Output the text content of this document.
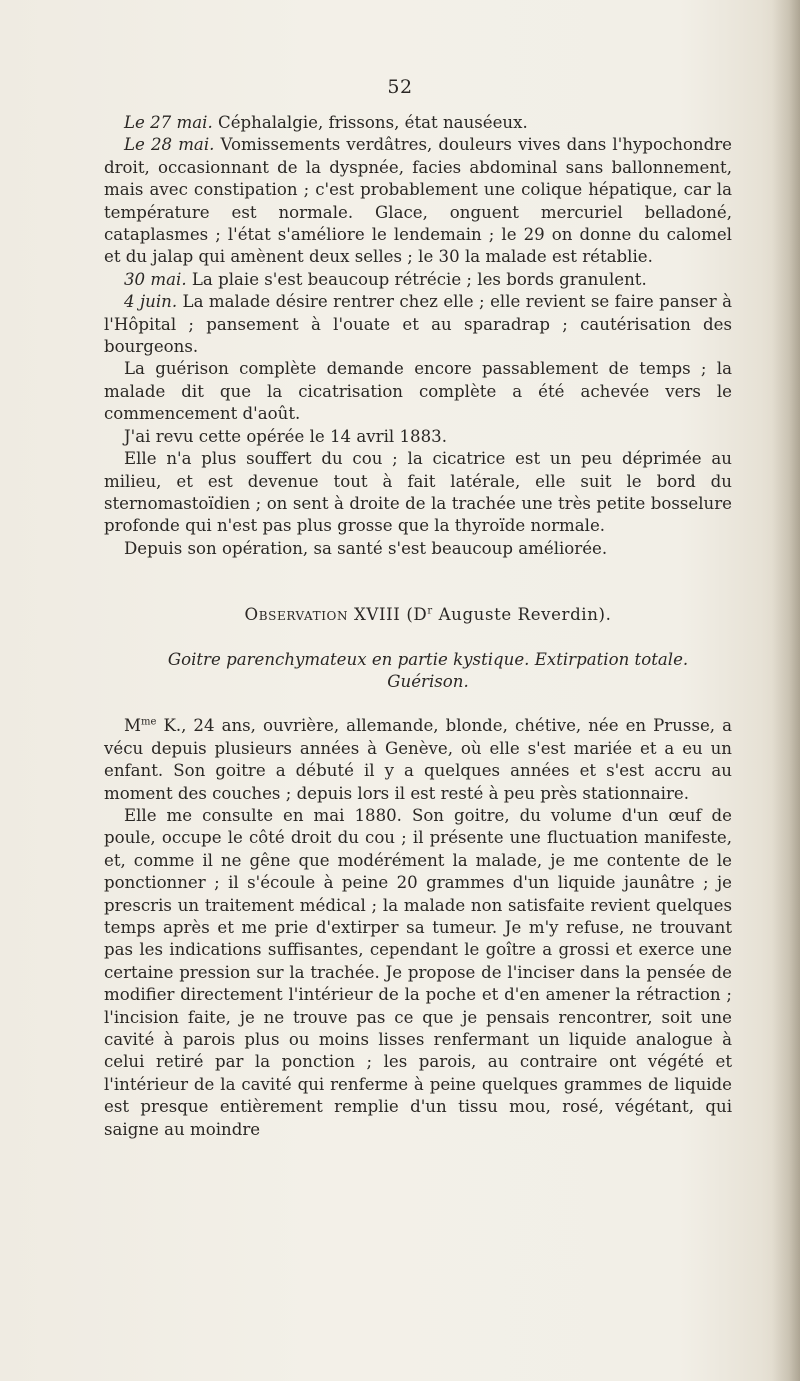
52

Le 27 mai. Céphalalgie, frissons, état nauséeux.

Le 28 mai. Vomissements verdâtres, douleurs vives dans l'hypochondre droit, occasionnant de la dyspnée, facies abdominal sans ballonnement, mais avec constipation ; c'est probablement une colique hépatique, car la température est normale. Glace, onguent mercuriel belladoné, cataplasmes ; l'état s'améliore le lendemain ; le 29 on donne du calomel et du jalap qui amènent deux selles ; le 30 la malade est rétablie.

30 mai. La plaie s'est beaucoup rétrécie ; les bords granulent.

4 juin. La malade désire rentrer chez elle ; elle revient se faire panser à l'Hôpital ; pansement à l'ouate et au sparadrap ; cautérisation des bourgeons.

La guérison complète demande encore passablement de temps ; la malade dit que la cicatrisation complète a été achevée vers le commencement d'août.

J'ai revu cette opérée le 14 avril 1883.

Elle n'a plus souffert du cou ; la cicatrice est un peu déprimée au milieu, et est devenue tout à fait latérale, elle suit le bord du sternomastoïdien ; on sent à droite de la trachée une très petite bosselure profonde qui n'est pas plus grosse que la thyroïde normale.

Depuis son opération, sa santé s'est beaucoup améliorée.

Observation XVIII ($D^r$ Auguste Reverdin).

Goitre parenchymateux en partie kystique. Extirpation totale.

Guérison.

$M^{me}$ K., 24 ans, ouvrière, allemande, blonde, chétive, née en Prusse, a vécu depuis plusieurs années à Genève, où elle s'est mariée et a eu un enfant. Son goitre a débuté il y a quelques années et s'est accru au moment des couches ; depuis lors il est resté à peu près stationnaire.

Elle me consulte en mai 1880. Son goitre, du volume d'un œuf de poule, occupe le côté droit du cou ; il présente une fluctuation manifeste, et, comme il ne gêne que modérément la malade, je me contente de le ponctionner ; il s'écoule à peine 20 grammes d'un liquide jaunâtre ; je prescris un traitement médical ; la malade non satisfaite revient quelques temps après et me prie d'extirper sa tumeur. Je m'y refuse, ne trouvant pas les indications suffisantes, cependant le goître a grossi et exerce une certaine pression sur la trachée. Je propose de l'inciser dans la pensée de modifier directement l'intérieur de la poche et d'en amener la rétraction ; l'incision faite, je ne trouve pas ce que je pensais rencontrer, soit une cavité à parois plus ou moins lisses renfermant un liquide analogue à celui retiré par la ponction ; les parois, au contraire ont végété et l'intérieur de la cavité qui renferme à peine quelques grammes de liquide est presque entièrement remplie d'un tissu mou, rosé, végétant, qui saigne au moindre
